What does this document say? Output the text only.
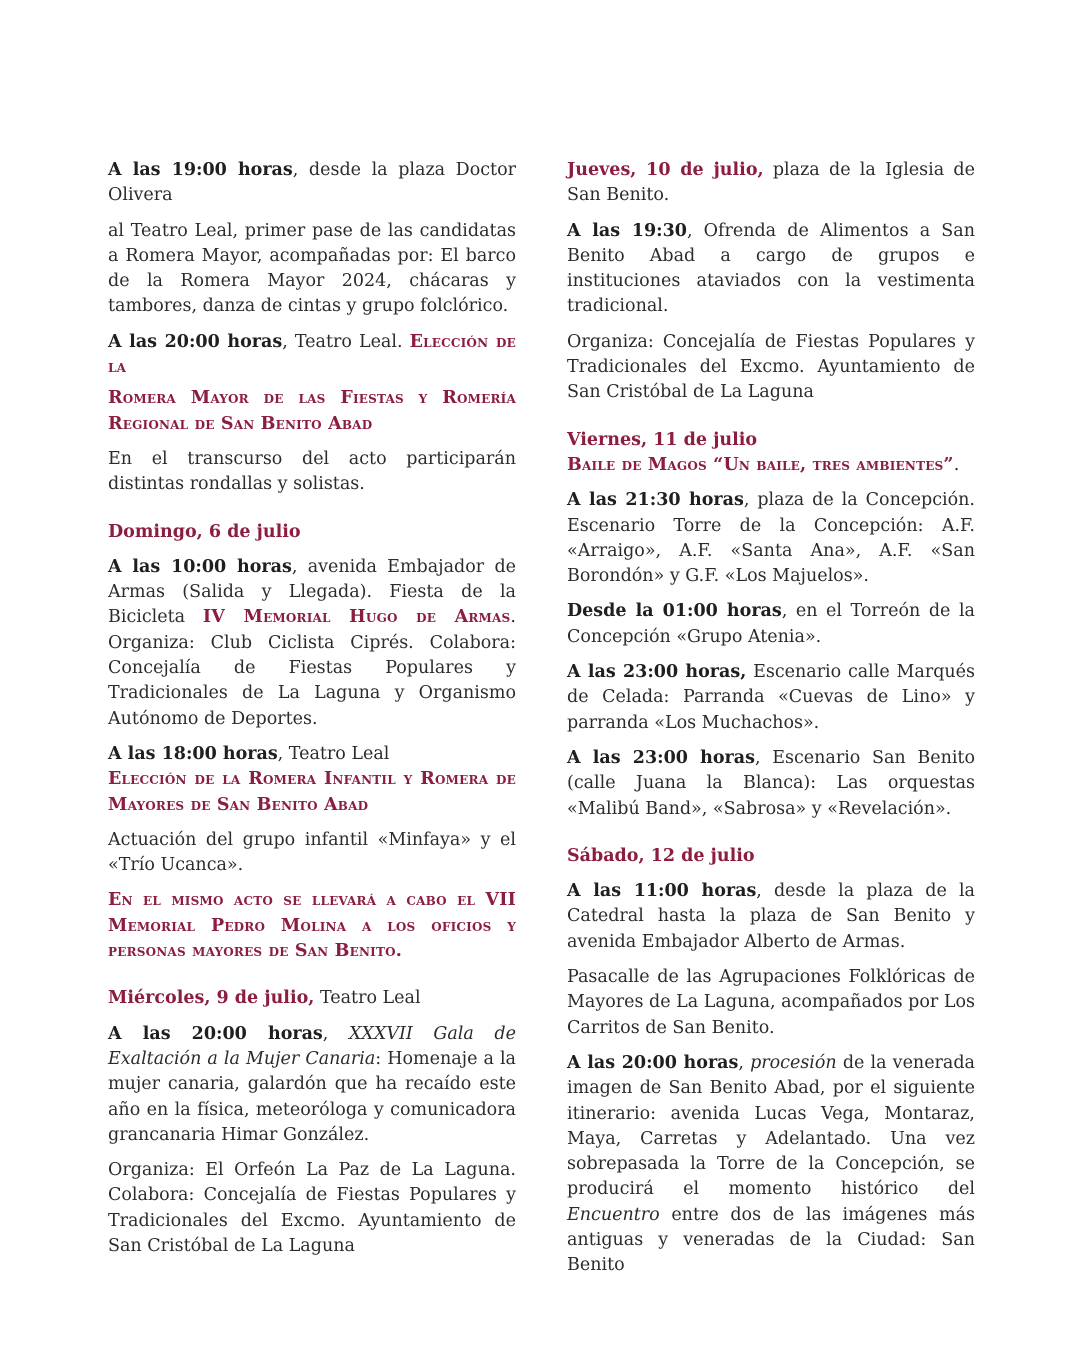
A las 19:00 horas, desde la plaza Doctor Olivera

al Teatro Leal, primer pase de las candidatas a Romera Mayor, acompañadas por: El barco de la Romera Mayor 2024, chácaras y tambores, danza de cintas y grupo folclórico.

A las 20:00 horas, Teatro Leal. Elección de la

Romera Mayor de las Fiestas y Romería Regional de San Benito Abad

En el transcurso del acto participarán distintas rondallas y solistas.

Domingo, 6 de julio

A las 10:00 horas, avenida Embajador de Armas (Salida y Llegada). Fiesta de la Bicicleta IV Memorial Hugo de Armas. Organiza: Club Ciclista Ciprés. Colabora: Concejalía de Fiestas Populares y Tradicionales de La Laguna y Organismo Autónomo de Deportes.

A las 18:00 horas, Teatro Leal

Elección de la Romera Infantil y Romera de Mayores de San Benito Abad

Actuación del grupo infantil «Minfaya» y el «Trío Ucanca».

En el mismo acto se llevará a cabo el VII Memorial Pedro Molina a los oficios y personas mayores de San Benito.

Miércoles, 9 de julio, Teatro Leal

A las 20:00 horas, XXXVII Gala de Exaltación a la Mujer Canaria: Homenaje a la mujer canaria, galardón que ha recaído este año en la física, meteoróloga y comunicadora grancanaria Himar González.

Organiza: El Orfeón La Paz de La Laguna. Colabora: Concejalía de Fiestas Populares y Tradicionales del Excmo. Ayuntamiento de San Cristóbal de La Laguna

Jueves, 10 de julio, plaza de la Iglesia de San Benito.

A las 19:30, Ofrenda de Alimentos a San Benito Abad a cargo de grupos e instituciones ataviados con la vestimenta tradicional.

Organiza: Concejalía de Fiestas Populares y Tradicionales del Excmo. Ayuntamiento de San Cristóbal de La Laguna

Viernes, 11 de julio

Baile de Magos “Un baile, tres ambientes”.

A las 21:30 horas, plaza de la Concepción. Escenario Torre de la Concepción: A.F. «Arraigo», A.F. «Santa Ana», A.F. «San Borondón» y G.F. «Los Majuelos».

Desde la 01:00 horas, en el Torreón de la Concepción «Grupo Atenia».

A las 23:00 horas, Escenario calle Marqués de Celada: Parranda «Cuevas de Lino» y parranda «Los Muchachos».

A las 23:00 horas, Escenario San Benito (calle Juana la Blanca): Las orquestas «Malibú Band», «Sabrosa» y «Revelación».

Sábado, 12 de julio

A las 11:00 horas, desde la plaza de la Catedral hasta la plaza de San Benito y avenida Embajador Alberto de Armas.

Pasacalle de las Agrupaciones Folklóricas de Mayores de La Laguna, acompañados por Los Carritos de San Benito.

A las 20:00 horas, procesión de la venerada imagen de San Benito Abad, por el siguiente itinerario: avenida Lucas Vega, Montaraz, Maya, Carretas y Adelantado. Una vez sobrepasada la Torre de la Concepción, se producirá el momento histórico del Encuentro entre dos de las imágenes más antiguas y veneradas de la Ciudad: San Benito
